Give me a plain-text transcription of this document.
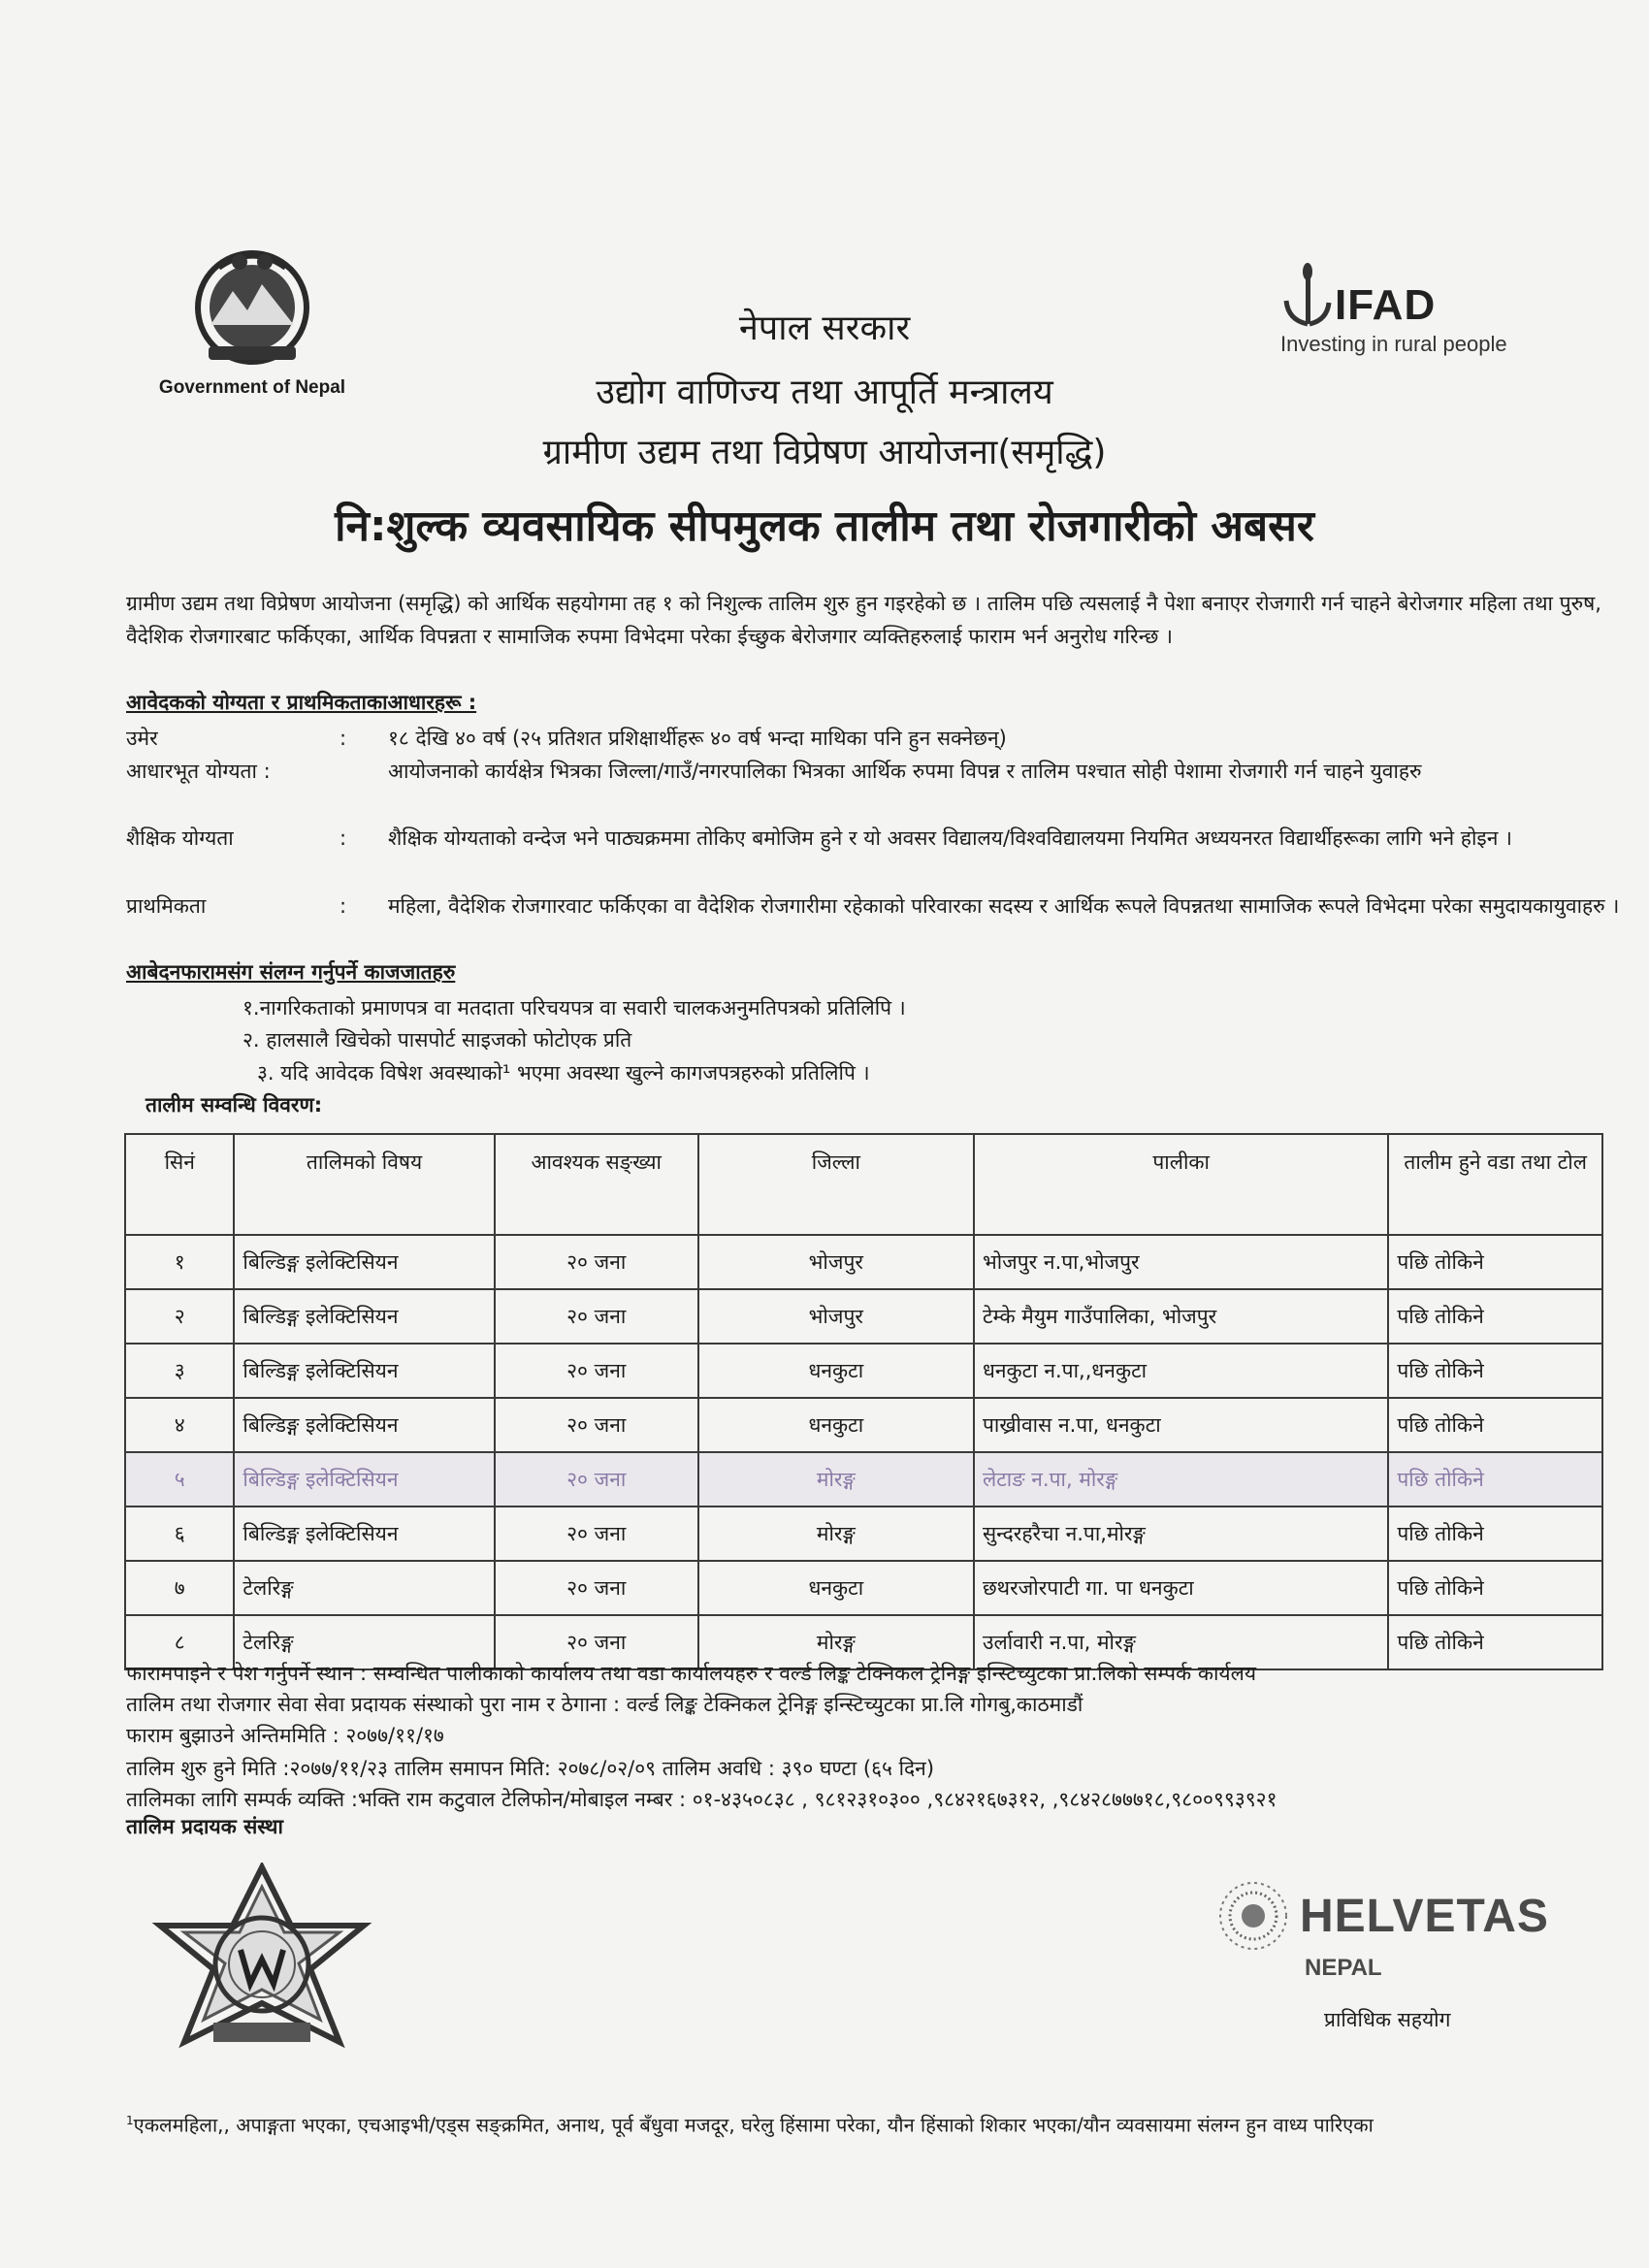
Government of Nepal
IFAD
Investing in rural people
नेपाल सरकार
उद्योग वाणिज्य तथा आपूर्ति मन्त्रालय
ग्रामीण उद्यम तथा विप्रेषण आयोजना(समृद्धि)
नि:शुल्क व्यवसायिक सीपमुलक तालीम तथा रोजगारीको अबसर
ग्रामीण उद्यम तथा विप्रेषण आयोजना (समृद्धि) को आर्थिक सहयोगमा तह १ को निशुल्क तालिम शुरु हुन गइरहेको छ । तालिम पछि त्यसलाई नै पेशा बनाएर रोजगारी गर्न चाहने बेरोजगार महिला तथा पुरुष, वैदेशिक रोजगारबाट फर्किएका, आर्थिक विपन्नता र सामाजिक रुपमा विभेदमा परेका ईच्छुक बेरोजगार व्यक्तिहरुलाई फाराम भर्न अनुरोध गरिन्छ ।
आवेदकको योग्यता र प्राथमिकताकाआधारहरू :
उमेर	: १८ देखि ४० वर्ष (२५ प्रतिशत प्रशिक्षार्थीहरू ४० वर्ष भन्दा माथिका पनि हुन सक्नेछन्)
आधारभूत योग्यता :	आयोजनाको कार्यक्षेत्र भित्रका जिल्ला/गाउँ/नगरपालिका भित्रका आर्थिक रुपमा विपन्न र तालिम पश्चात सोही पेशामा रोजगारी गर्न चाहने युवाहरु
शैक्षिक योग्यता	: शैक्षिक योग्यताको वन्देज भने पाठ्यक्रममा तोकिए बमोजिम हुने र यो अवसर विद्यालय/विश्वविद्यालयमा नियमित अध्ययनरत विद्यार्थीहरूका लागि भने होइन ।
प्राथमिकता	: महिला, वैदेशिक रोजगारवाट फर्किएका वा वैदेशिक रोजगारीमा रहेकाको परिवारका सदस्य र आर्थिक रूपले विपन्नतथा सामाजिक रूपले विभेदमा परेका समुदायकायुवाहरु ।
आबेदनफारामसंग संलग्न गर्नुपर्ने काजजातहरु
१.नागरिकताको प्रमाणपत्र वा मतदाता परिचयपत्र वा सवारी चालकअनुमतिपत्रको प्रतिलिपि ।
२. हालसालै खिचेको पासपोर्ट साइजको फोटोएक प्रति
३. यदि आवेदक विषेश अवस्थाको¹ भएमा अवस्था खुल्ने कागजपत्रहरुको प्रतिलिपि ।
तालीम सम्वन्धि विवरण:
सिनं	तालिमको विषय	आवश्यक सङ्ख्या	जिल्ला	पालीका	तालीम हुने वडा तथा टोल
१	बिल्डिङ्ग इलेक्टिसियन	२० जना	भोजपुर	भोजपुर न.पा,भोजपुर	पछि तोकिने
२	बिल्डिङ्ग इलेक्टिसियन	२० जना	भोजपुर	टेम्के मैयुम गाउँपालिका, भोजपुर	पछि तोकिने
३	बिल्डिङ्ग इलेक्टिसियन	२० जना	धनकुटा	धनकुटा न.पा,,धनकुटा	पछि तोकिने
४	बिल्डिङ्ग इलेक्टिसियन	२० जना	धनकुटा	पाख्रीवास न.पा, धनकुटा	पछि तोकिने
५	बिल्डिङ्ग इलेक्टिसियन	२० जना	मोरङ्ग	लेटाङ न.पा, मोरङ्ग	पछि तोकिने
६	बिल्डिङ्ग इलेक्टिसियन	२० जना	मोरङ्ग	सुन्दरहरैचा न.पा,मोरङ्ग	पछि तोकिने
७	टेलरिङ्ग	२० जना	धनकुटा	छथरजोरपाटी गा. पा धनकुटा	पछि तोकिने
८	टेलरिङ्ग	२० जना	मोरङ्ग	उर्लावारी न.पा, मोरङ्ग	पछि तोकिने
फारामपाइने र पेश गर्नुपर्ने स्थान : सम्वन्धित पालीकाको कार्यालय तथा वडा कार्यालयहरु र वर्ल्ड लिङ्क टेक्निकल ट्रेनिङ्ग इन्स्टिच्युटका प्रा.लिको सम्पर्क कार्यलय
तालिम तथा रोजगार सेवा सेवा प्रदायक संस्थाको पुरा नाम र ठेगाना : वर्ल्ड लिङ्क टेक्निकल ट्रेनिङ्ग इन्स्टिच्युटका प्रा.लि गोगबु,काठमाडौं
फाराम बुझाउने अन्तिममिति : २०७७/११/१७
तालिम शुरु हुने मिति :२०७७/११/२३ तालिम समापन मिति: २०७८/०२/०९ तालिम अवधि : ३९० घण्टा (६५ दिन)
तालिमका लागि सम्पर्क व्यक्ति :भक्ति राम कटुवाल टेलिफोन/मोबाइल नम्बर : ०१-४३५०८३८ , ९८१२३१०३०० ,९८४२१६७३१२, ,९८४२८७७७१८,९८००९९३९२१
तालिम प्रदायक संस्था
HELVETAS
NEPAL
प्राविधिक सहयोग
$^1$एकलमहिला,, अपाङ्गता भएका, एचआइभी/एड्स सङ्क्रमित, अनाथ, पूर्व बँधुवा मजदूर, घरेलु हिंसामा परेका, यौन हिंसाको शिकार भएका/यौन व्यवसायमा संलग्न हुन वाध्य पारिएका
